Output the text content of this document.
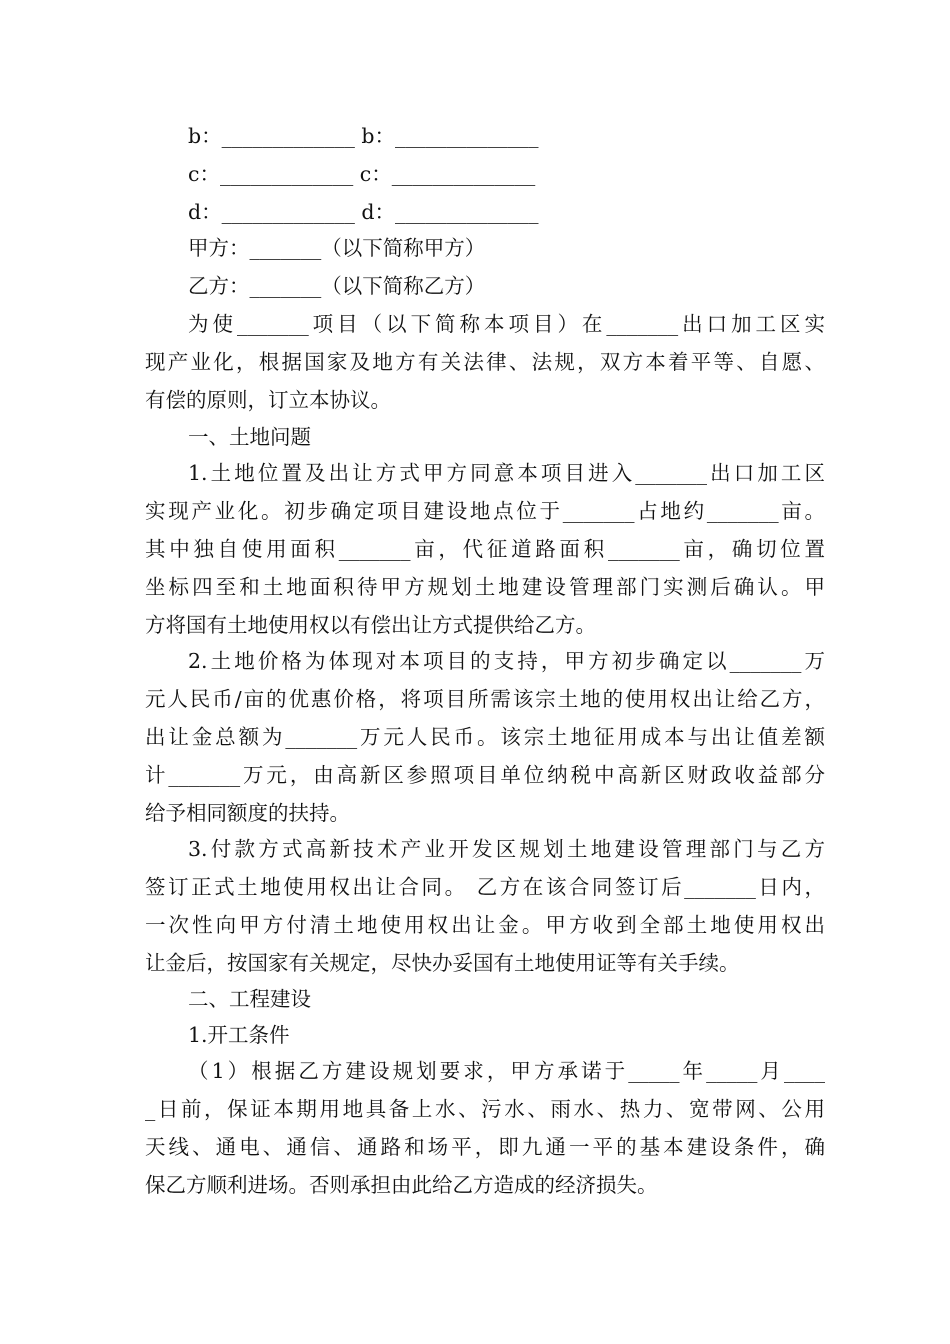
b：_____________ b：______________
c：_____________ c：______________
d：_____________ d：______________
甲方：_______（以下简称甲方）
乙方：_______（以下简称乙方）
为使_______项目（以下简称本项目）在_______出口加工区实
现产业化，根据国家及地方有关法律、法规，双方本着平等、自愿、
有偿的原则，订立本协议。
一、土地问题
1.土地位置及出让方式甲方同意本项目进入_______出口加工区
实现产业化。初步确定项目建设地点位于_______占地约_______亩。
其中独自使用面积_______亩，代征道路面积_______亩，确切位置
坐标四至和土地面积待甲方规划土地建设管理部门实测后确认。甲
方将国有土地使用权以有偿出让方式提供给乙方。
2.土地价格为体现对本项目的支持，甲方初步确定以_______万
元人民币/亩的优惠价格，将项目所需该宗土地的使用权出让给乙方，
出让金总额为_______万元人民币。该宗土地征用成本与出让值差额
计_______万元，由高新区参照项目单位纳税中高新区财政收益部分
给予相同额度的扶持。
3.付款方式高新技术产业开发区规划土地建设管理部门与乙方
签订正式土地使用权出让合同。 乙方在该合同签订后_______日内，
一次性向甲方付清土地使用权出让金。甲方收到全部土地使用权出
让金后，按国家有关规定，尽快办妥国有土地使用证等有关手续。
二、工程建设
1.开工条件
（1）根据乙方建设规划要求，甲方承诺于_____年_____月____
_日前，保证本期用地具备上水、污水、雨水、热力、宽带网、公用
天线、通电、通信、通路和场平，即九通一平的基本建设条件，确
保乙方顺利进场。否则承担由此给乙方造成的经济损失。
